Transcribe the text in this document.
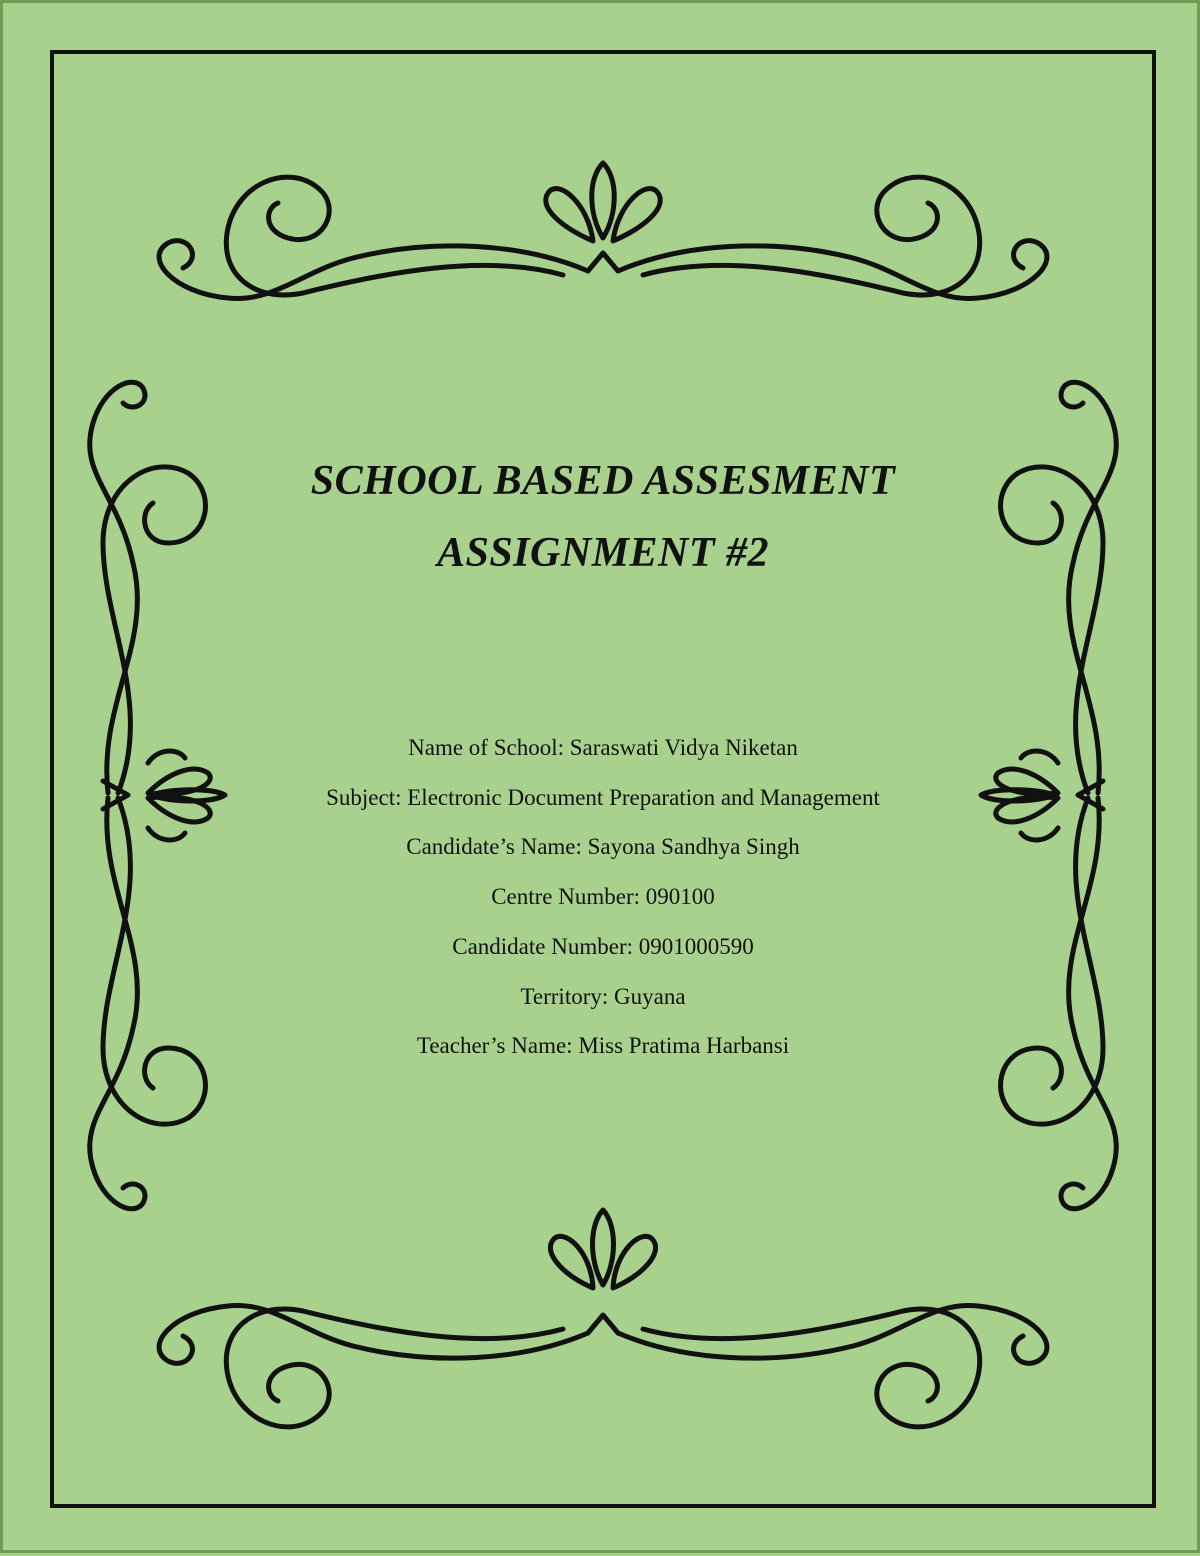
SCHOOL BASED ASSESMENT

ASSIGNMENT #2

Name of School: Saraswati Vidya Niketan

Subject: Electronic Document Preparation and Management

Candidate’s Name: Sayona Sandhya Singh

Centre Number: 090100

Candidate Number: 0901000590

Territory: Guyana

Teacher’s Name: Miss Pratima Harbansi
